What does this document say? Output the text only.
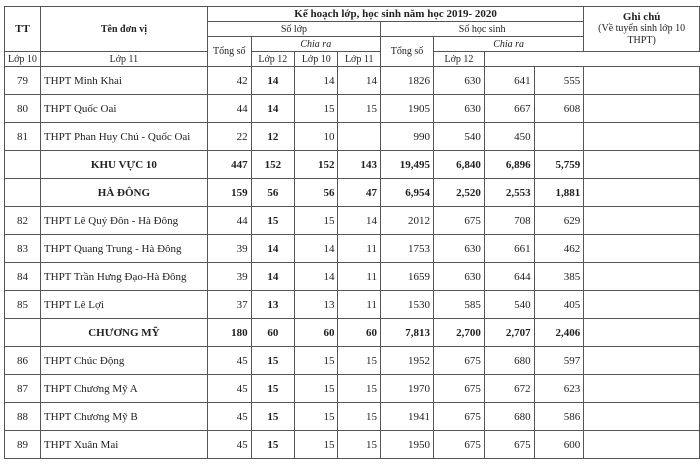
TT	Tên đơn vị	Kế hoạch lớp, học sinh năm học 2019- 2020								Ghi chú
(Về tuyển sinh lớp 10 THPT)
		Số lớp				Số học sinh				
		Tổng số	Chia ra			Tổng số	Chia ra			
Lớp 10	Lớp 11		Lớp 12	Lớp 10	Lớp 11		Lớp 12			
79	THPT Minh Khai	42	14	14	14	1826	630	641	555	
80	THPT Quốc Oai	44	14	15	15	1905	630	667	608	
81	THPT Phan Huy Chú - Quốc Oai	22	12	10		990	540	450		
	KHU VỰC 10	447	152	152	143	19,495	6,840	6,896	5,759	
	HÀ ĐÔNG	159	56	56	47	6,954	2,520	2,553	1,881	
82	THPT Lê Quý Đôn - Hà Đông	44	15	15	14	2012	675	708	629	
83	THPT Quang Trung - Hà Đông	39	14	14	11	1753	630	661	462	
84	THPT Trần Hưng Đạo-Hà Đông	39	14	14	11	1659	630	644	385	
85	THPT Lê Lợi	37	13	13	11	1530	585	540	405	
	CHƯƠNG MỸ	180	60	60	60	7,813	2,700	2,707	2,406	
86	THPT Chúc Động	45	15	15	15	1952	675	680	597	
87	THPT Chương Mỹ A	45	15	15	15	1970	675	672	623	
88	THPT Chương Mỹ B	45	15	15	15	1941	675	680	586	
89	THPT Xuân Mai	45	15	15	15	1950	675	675	600	
